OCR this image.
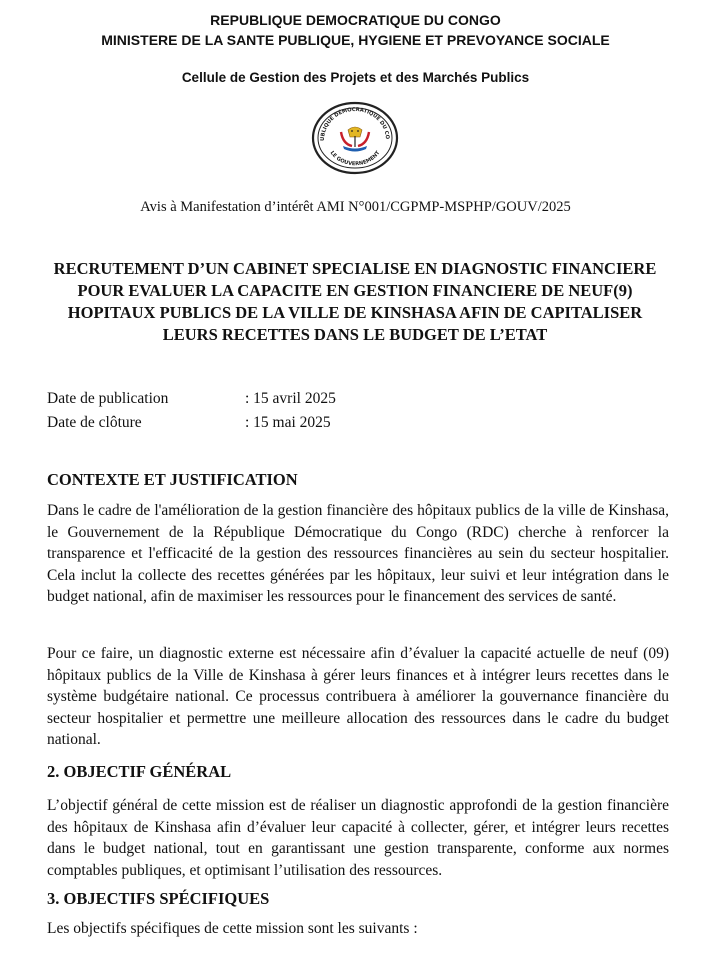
REPUBLIQUE DEMOCRATIQUE DU CONGO
MINISTERE DE LA SANTE PUBLIQUE, HYGIENE ET PREVOYANCE SOCIALE
Cellule de Gestion des Projets et des Marchés Publics
UBLIQUE DÉMOCRATIQUE DU CO
LE GOUVERNEMENT
Avis à Manifestation d’intérêt AMI N°001/CGPMP-MSPHP/GOUV/2025
RECRUTEMENT D’UN CABINET SPECIALISE EN DIAGNOSTIC FINANCIERE POUR EVALUER LA CAPACITE EN GESTION FINANCIERE DE NEUF(9) HOPITAUX PUBLICS DE LA VILLE DE KINSHASA AFIN DE CAPITALISER LEURS RECETTES DANS LE BUDGET DE L’ETAT
Date de publication	: 15 avril 2025
Date de clôture	: 15 mai 2025
CONTEXTE ET JUSTIFICATION

Dans le cadre de l'amélioration de la gestion financière des hôpitaux publics de la ville de Kinshasa, le Gouvernement de la République Démocratique du Congo (RDC) cherche à renforcer la transparence et l'efficacité de la gestion des ressources financières au sein du secteur hospitalier. Cela inclut la collecte des recettes générées par les hôpitaux, leur suivi et leur intégration dans le budget national, afin de maximiser les ressources pour le financement des services de santé.

Pour ce faire, un diagnostic externe est nécessaire afin d’évaluer la capacité actuelle de neuf (09) hôpitaux publics de la Ville de Kinshasa à gérer leurs finances et à intégrer leurs recettes dans le système budgétaire national. Ce processus contribuera à améliorer la gouvernance financière du secteur hospitalier et permettre une meilleure allocation des ressources dans le cadre du budget national.

2. OBJECTIF GÉNÉRAL

L’objectif général de cette mission est de réaliser un diagnostic approfondi de la gestion financière des hôpitaux de Kinshasa afin d’évaluer leur capacité à collecter, gérer, et intégrer leurs recettes dans le budget national, tout en garantissant une gestion transparente, conforme aux normes comptables publiques, et optimisant l’utilisation des ressources.

3. OBJECTIFS SPÉCIFIQUES

Les objectifs spécifiques de cette mission sont les suivants :
